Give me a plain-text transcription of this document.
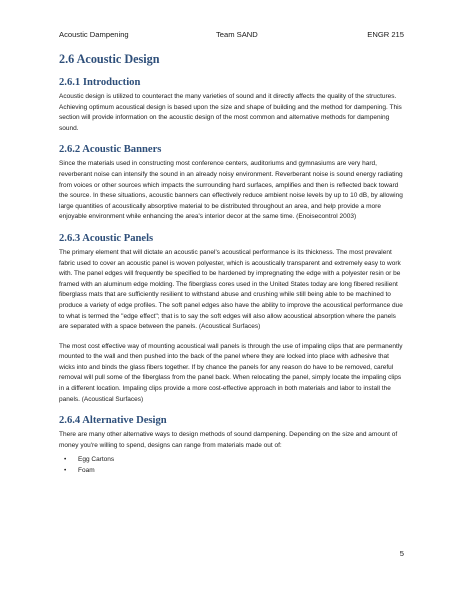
Acoustic Dampening	Team SAND	ENGR 215
2.6 Acoustic Design
2.6.1 Introduction

Acoustic design is utilized to counteract the many varieties of sound and it directly affects the quality of the structures. Achieving optimum acoustical design is based upon the size and shape of building and the method for dampening. This section will provide information on the acoustic design of the most common and alternative methods for dampening sound.

2.6.2 Acoustic Banners

Since the materials used in constructing most conference centers, auditoriums and gymnasiums are very hard, reverberant noise can intensify the sound in an already noisy environment. Reverberant noise is sound energy radiating from voices or other sources which impacts the surrounding hard surfaces, amplifies and then is reflected back toward the source. In these situations, acoustic banners can effectively reduce ambient noise levels by up to 10 dB, by allowing large quantities of acoustically absorptive material to be distributed throughout an area, and help provide a more enjoyable environment while enhancing the area's interior decor at the same time. (Enoisecontrol 2003)

2.6.3 Acoustic Panels

The primary element that will dictate an acoustic panel's acoustical performance is its thickness. The most prevalent fabric used to cover an acoustic panel is woven polyester, which is acoustically transparent and extremely easy to work with. The panel edges will frequently be specified to be hardened by impregnating the edge with a polyester resin or be framed with an aluminum edge molding. The fiberglass cores used in the United States today are long fibered resilient fiberglass mats that are sufficiently resilient to withstand abuse and crushing while still being able to be machined to produce a variety of edge profiles. The soft panel edges also have the ability to improve the acoustical performance due to what is termed the "edge effect"; that is to say the soft edges will also allow acoustical absorption where the panels are separated with a space between the panels. (Acoustical Surfaces)

The most cost effective way of mounting acoustical wall panels is through the use of impaling clips that are permanently mounted to the wall and then pushed into the back of the panel where they are locked into place with adhesive that wicks into and binds the glass fibers together. If by chance the panels for any reason do have to be removed, careful removal will pull some of the fiberglass from the panel back. When relocating the panel, simply locate the impaling clips in a different location. Impaling clips provide a more cost-effective approach in both materials and labor to install the panels. (Acoustical Surfaces)

2.6.4 Alternative Design

There are many other alternative ways to design methods of sound dampening. Depending on the size and amount of money you're willing to spend, designs can range from materials made out of:

• Egg Cartons
• Foam
5
